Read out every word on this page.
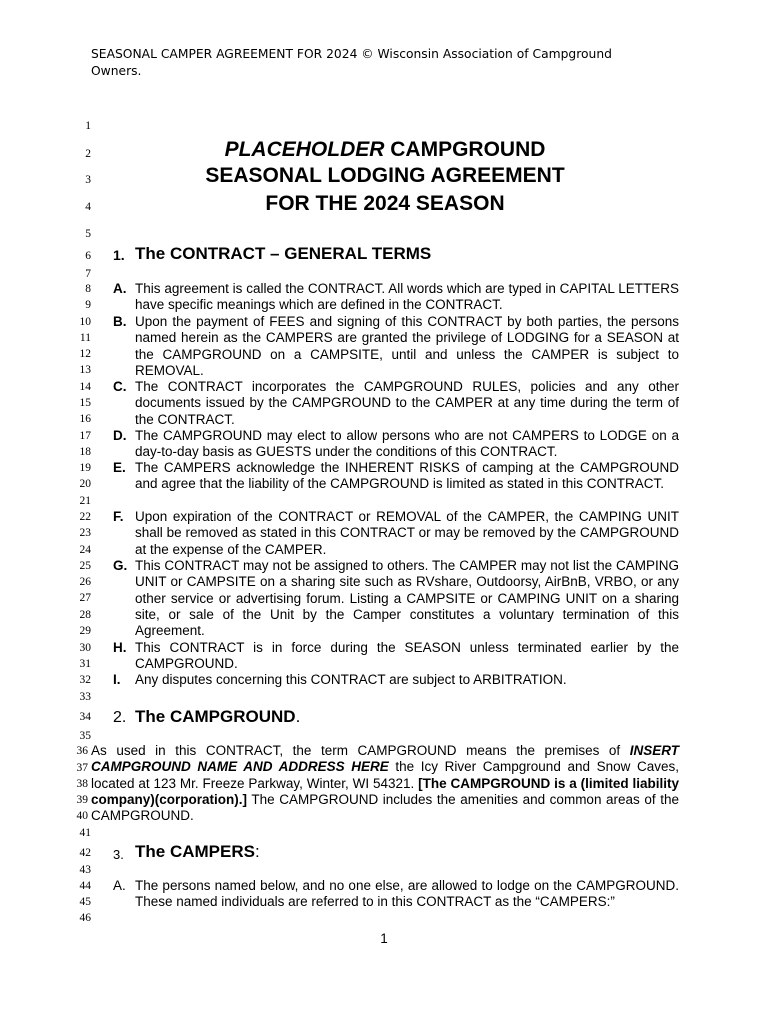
SEASONAL CAMPER AGREEMENT FOR 2024 © Wisconsin Association of Campground Owners.
1
2
3
4
5
6
7
8
9
10
11
12
13
14
15
16
17
18
19
20
21
22
23
24
25
26
27
28
29
30
31
32
33
34
35
36
37
38
39
40
41
42
43
44
45
46
PLACEHOLDER CAMPGROUND
SEASONAL LODGING AGREEMENT
FOR THE 2024 SEASON
1. The CONTRACT – GENERAL TERMS
A. This agreement is called the CONTRACT. All words which are typed in CAPITAL LETTERS have specific meanings which are defined in the CONTRACT.
B. Upon the payment of FEES and signing of this CONTRACT by both parties, the persons named herein as the CAMPERS are granted the privilege of LODGING for a SEASON at the CAMPGROUND on a CAMPSITE, until and unless the CAMPER is subject to REMOVAL.
C. The CONTRACT incorporates the CAMPGROUND RULES, policies and any other documents issued by the CAMPGROUND to the CAMPER at any time during the term of the CONTRACT.
D. The CAMPGROUND may elect to allow persons who are not CAMPERS to LODGE on a day-to-day basis as GUESTS under the conditions of this CONTRACT.
E. The CAMPERS acknowledge the INHERENT RISKS of camping at the CAMPGROUND and agree that the liability of the CAMPGROUND is limited as stated in this CONTRACT.
F. Upon expiration of the CONTRACT or REMOVAL of the CAMPER, the CAMPING UNIT shall be removed as stated in this CONTRACT or may be removed by the CAMPGROUND at the expense of the CAMPER.
G. This CONTRACT may not be assigned to others. The CAMPER may not list the CAMPING UNIT or CAMPSITE on a sharing site such as RVshare, Outdoorsy, AirBnB, VRBO, or any other service or advertising forum. Listing a CAMPSITE or CAMPING UNIT on a sharing site, or sale of the Unit by the Camper constitutes a voluntary termination of this Agreement.
H. This CONTRACT is in force during the SEASON unless terminated earlier by the CAMPGROUND.
I. Any disputes concerning this CONTRACT are subject to ARBITRATION.
2. The CAMPGROUND.
As used in this CONTRACT, the term CAMPGROUND means the premises of INSERT CAMPGROUND NAME AND ADDRESS HERE the Icy River Campground and Snow Caves, located at 123 Mr. Freeze Parkway, Winter, WI 54321. [The CAMPGROUND is a (limited liability company)(corporation).] The CAMPGROUND includes the amenities and common areas of the CAMPGROUND.
3. The CAMPERS:
A. The persons named below, and no one else, are allowed to lodge on the CAMPGROUND. These named individuals are referred to in this CONTRACT as the “CAMPERS:”
1
